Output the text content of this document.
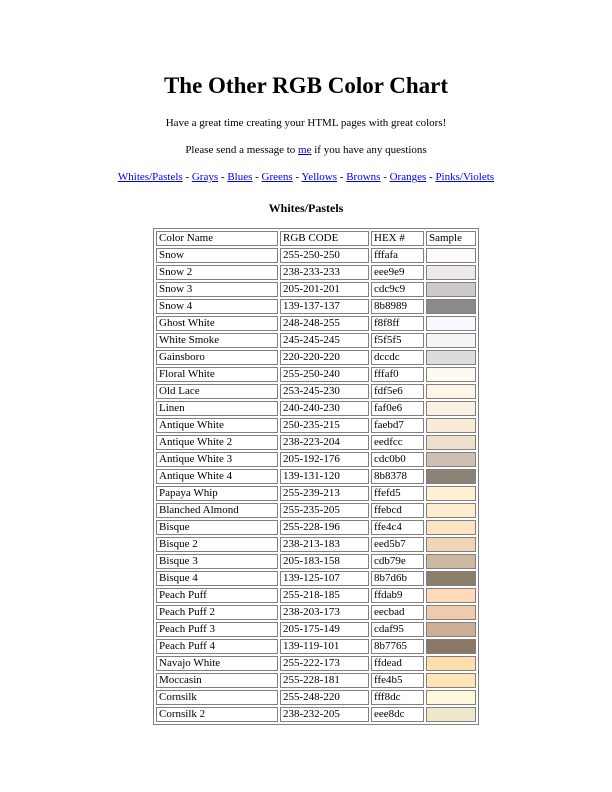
The Other RGB Color Chart
Have a great time creating your HTML pages with great colors!
Please send a message to me if you have any questions
Whites/Pastels - Grays - Blues - Greens - Yellows - Browns - Oranges - Pinks/Violets
Whites/Pastels
Color Name	RGB CODE	HEX #	Sample
Snow	255-250-250	fffafa	
Snow 2	238-233-233	eee9e9	
Snow 3	205-201-201	cdc9c9	
Snow 4	139-137-137	8b8989	
Ghost White	248-248-255	f8f8ff	
White Smoke	245-245-245	f5f5f5	
Gainsboro	220-220-220	dccdc	
Floral White	255-250-240	fffaf0	
Old Lace	253-245-230	fdf5e6	
Linen	240-240-230	faf0e6	
Antique White	250-235-215	faebd7	
Antique White 2	238-223-204	eedfcc	
Antique White 3	205-192-176	cdc0b0	
Antique White 4	139-131-120	8b8378	
Papaya Whip	255-239-213	ffefd5	
Blanched Almond	255-235-205	ffebcd	
Bisque	255-228-196	ffe4c4	
Bisque 2	238-213-183	eed5b7	
Bisque 3	205-183-158	cdb79e	
Bisque 4	139-125-107	8b7d6b	
Peach Puff	255-218-185	ffdab9	
Peach Puff 2	238-203-173	eecbad	
Peach Puff 3	205-175-149	cdaf95	
Peach Puff 4	139-119-101	8b7765	
Navajo White	255-222-173	ffdead	
Moccasin	255-228-181	ffe4b5	
Cornsilk	255-248-220	fff8dc	
Cornsilk 2	238-232-205	eee8dc	
